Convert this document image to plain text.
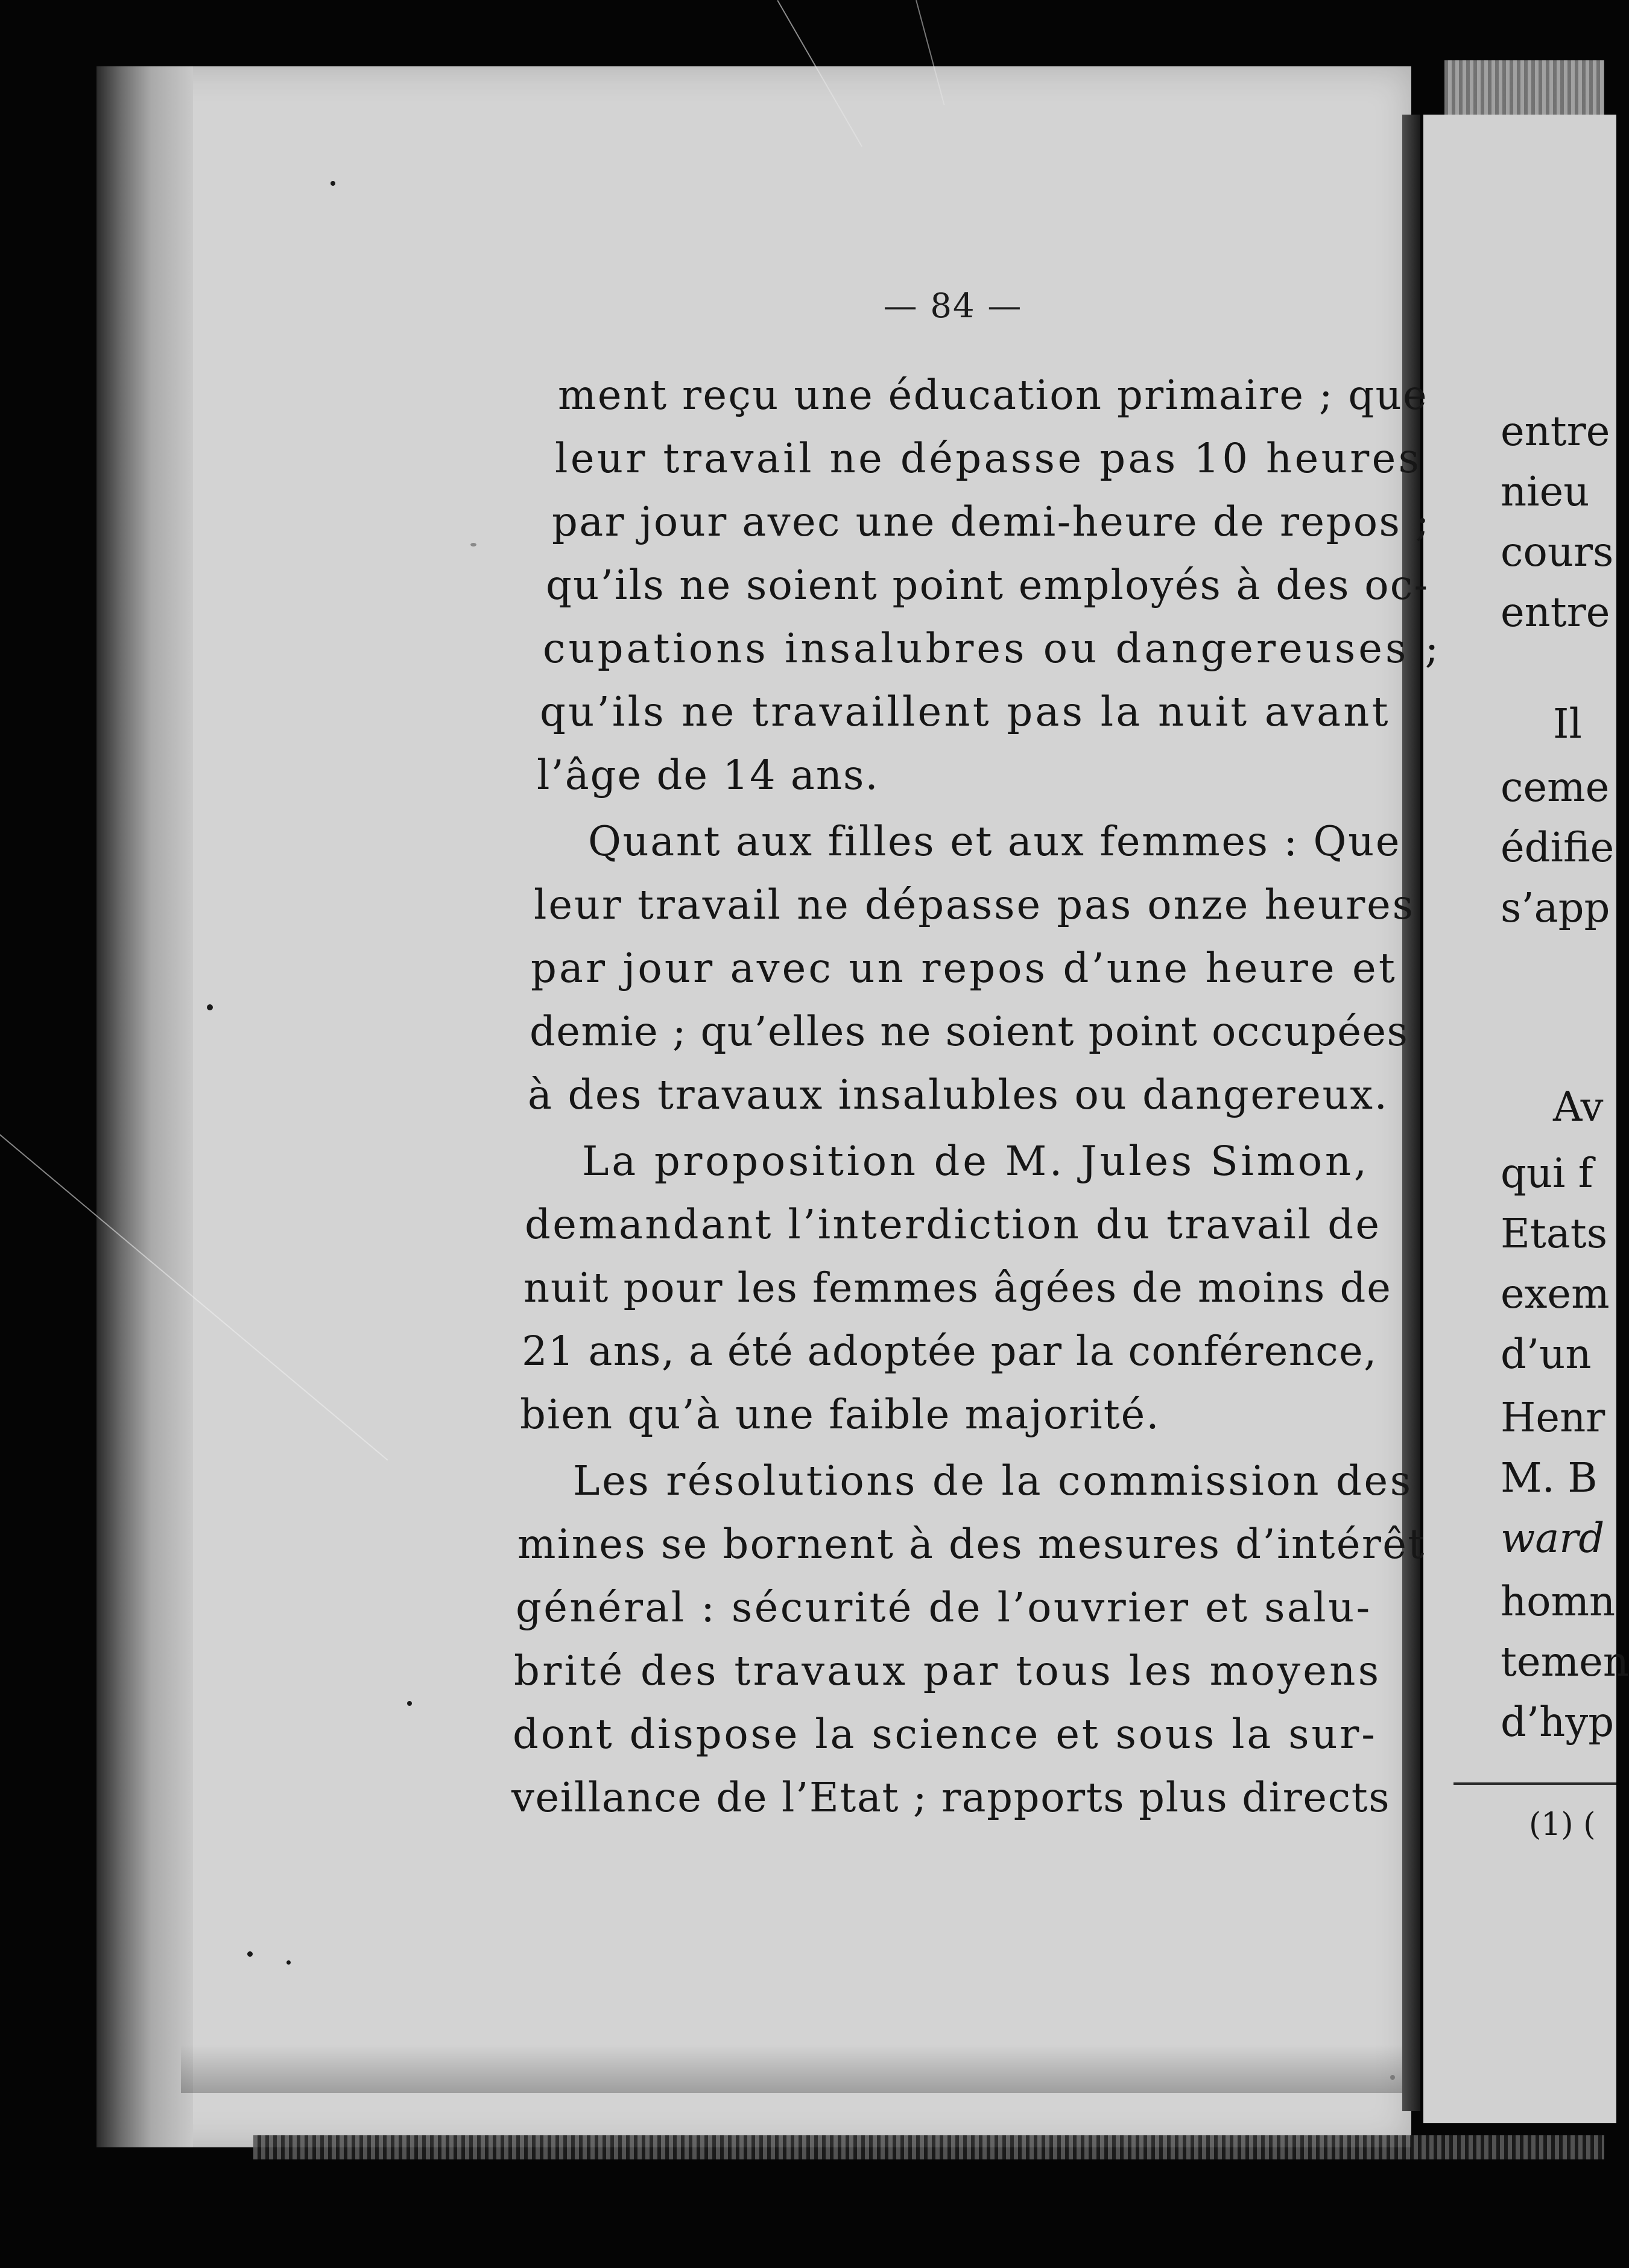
— 84 —
ment reçu une éducation primaire ; que
leur travail ne dépasse pas 10 heures
par jour avec une demi-heure de repos ;
qu’ils ne soient point employés à des oc-
cupations insalubres ou dangereuses ;
qu’ils ne travaillent pas la nuit avant
l’âge de 14 ans.
Quant aux filles et aux femmes : Que
leur travail ne dépasse pas onze heures
par jour avec un repos d’une heure et
demie ; qu’elles ne soient point occupées
à des travaux insalubles ou dangereux.
La proposition de M. Jules Simon,
demandant l’interdiction du travail de
nuit pour les femmes âgées de moins de
21 ans, a été adoptée par la conférence,
bien qu’à une faible majorité.
Les résolutions de la commission des
mines se bornent à des mesures d’intérêt
général : sécurité de l’ouvrier et salu-
brité des travaux par tous les moyens
dont dispose la science et sous la sur-
veillance de l’Etat ; rapports plus directs
entre
nieu
cours
entre
Il
ceme
édifie
s’app
Av
qui f
Etats
exem
d’un
Henr
M. B
ward
homn
temen
d’hyp
(1) (
